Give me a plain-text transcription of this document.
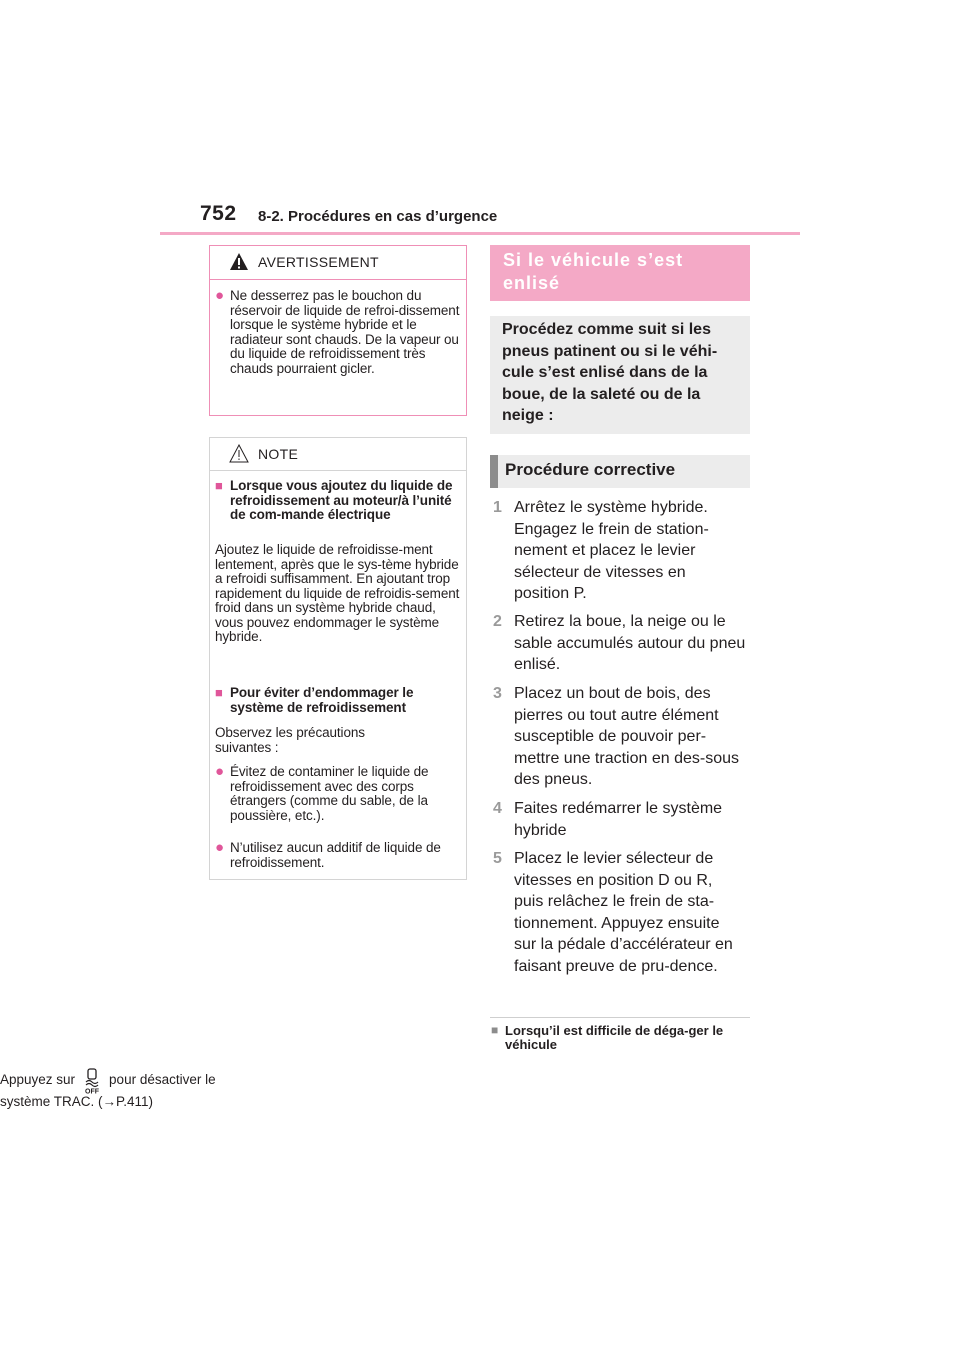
752 8-2. Procédures en cas d’urgence
AVERTISSEMENT
● Ne desserrez pas le bouchon du réservoir de liquide de refroi-dissement lorsque le système hybride et le radiateur sont chauds. De la vapeur ou du liquide de refroidissement très chauds pourraient gicler.
NOTE
■ Lorsque vous ajoutez du liquide de refroidissement au moteur/à l’unité de com-mande électrique
Ajoutez le liquide de refroidisse-ment lentement, après que le sys-tème hybride a refroidi suffisamment. En ajoutant trop rapidement du liquide de refroidis-sement froid dans un système hybride chaud, vous pouvez endommager le système hybride.
■ Pour éviter d’endommager le système de refroidissement
Observez les précautions suivantes :
● Évitez de contaminer le liquide de refroidissement avec des corps étrangers (comme du sable, de la poussière, etc.).
● N’utilisez aucun additif de liquide de refroidissement.
Si le véhicule s’est enlisé
Procédez comme suit si les pneus patinent ou si le véhi-cule s’est enlisé dans de la boue, de la saleté ou de la neige :
Procédure corrective
1 Arrêtez le système hybride. Engagez le frein de station-nement et placez le levier sélecteur de vitesses en position P.
2 Retirez la boue, la neige ou le sable accumulés autour du pneu enlisé.
3 Placez un bout de bois, des pierres ou tout autre élément susceptible de pouvoir per-mettre une traction en des-sous des pneus.
4 Faites redémarrer le système hybride
5 Placez le levier sélecteur de vitesses en position D ou R, puis relâchez le frein de sta-tionnement. Appuyez ensuite sur la pédale d’accélérateur en faisant preuve de pru-dence.
■ Lorsqu’il est difficile de déga-ger le véhicule
Appuyez sur
OFF
pour désactiver le système TRAC. (→P.411)
